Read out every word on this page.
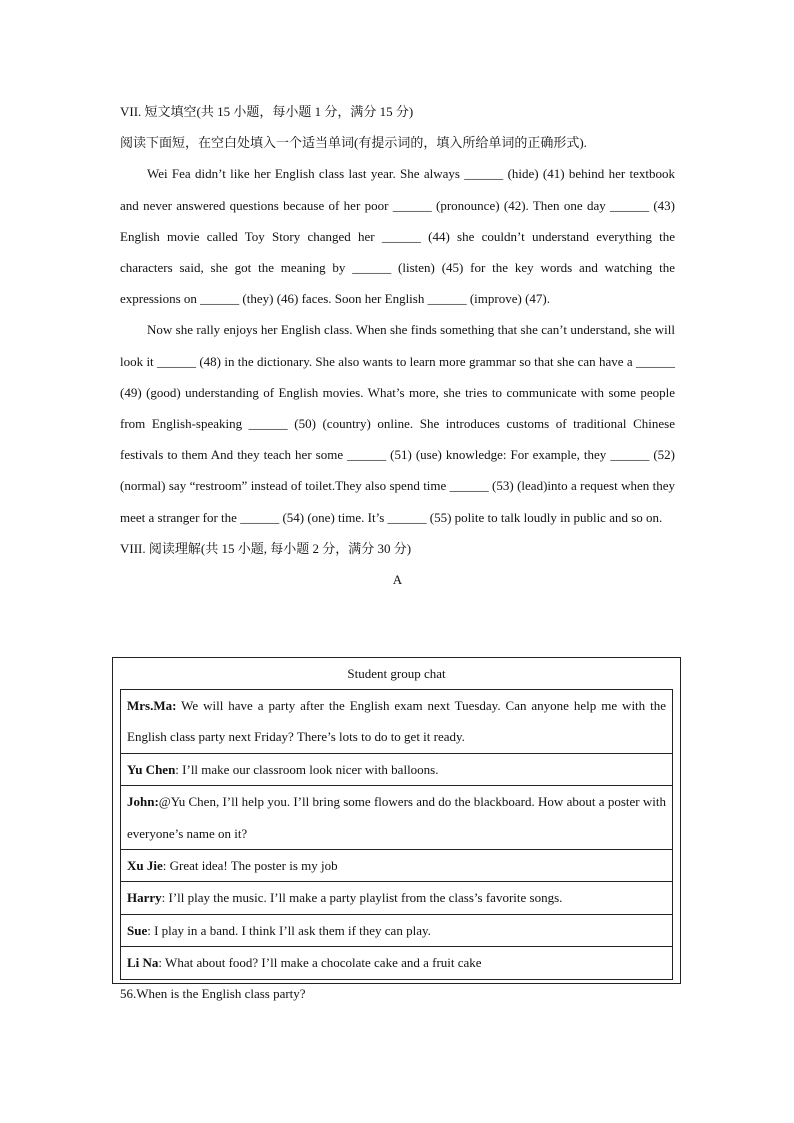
VII. 短文填空(共 15 小题，每小题 1 分，满分 15 分)

阅读下面短，在空白处填入一个适当单词(有提示词的，填入所给单词的正确形式).

Wei Fea didn’t like her English class last year. She always ______ (hide) (41) behind her textbook and never answered questions because of her poor ______ (pronounce) (42). Then one day ______ (43) English movie called Toy Story changed her ______ (44) she couldn’t understand everything the characters said, she got the meaning by ______ (listen) (45) for the key words and watching the expressions on ______ (they) (46) faces. Soon her English ______ (improve) (47).

Now she rally enjoys her English class. When she finds something that she can’t understand, she will look it ______ (48) in the dictionary. She also wants to learn more grammar so that she can have a ______ (49) (good) understanding of English movies. What’s more, she tries to communicate with some people from English-speaking ______ (50) (country) online. She introduces customs of traditional Chinese festivals to them And they teach her some ______ (51) (use) knowledge: For example, they ______ (52) (normal) say “restroom” instead of toilet.They also spend time ______ (53) (lead)into a request when they meet a stranger for the ______ (54) (one) time. It’s ______ (55) polite to talk loudly in public and so on.

VIII. 阅读理解(共 15 小题, 每小题 2 分，满分 30 分)

A

Student group chat
Mrs.Ma: We will have a party after the English exam next Tuesday. Can anyone help me with the English class party next Friday? There’s lots to do to get it ready.
Yu Chen: I’ll make our classroom look nicer with balloons.
John:@Yu Chen, I’ll help you. I’ll bring some flowers and do the blackboard. How about a poster with everyone’s name on it?
Xu Jie: Great idea! The poster is my job
Harry: I’ll play the music. I’ll make a party playlist from the class’s favorite songs.
Sue: I play in a band. I think I’ll ask them if they can play.
Li Na: What about food? I’ll make a chocolate cake and a fruit cake
56.When is the English class party?
